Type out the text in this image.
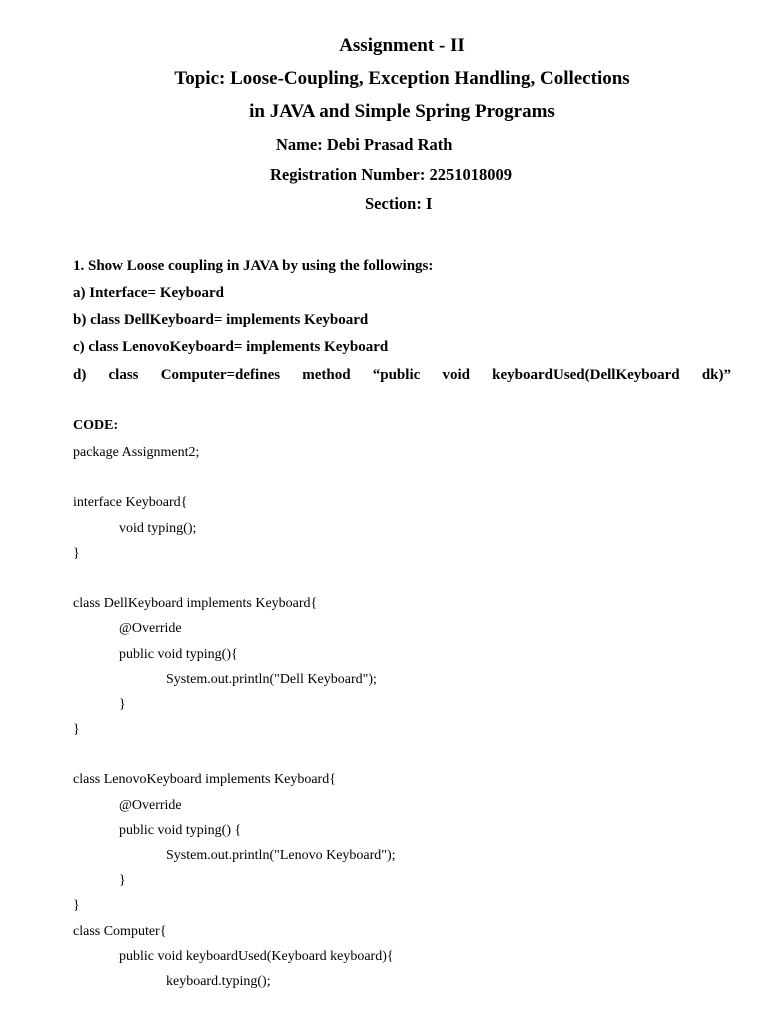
Assignment - II
Topic: Loose-Coupling, Exception Handling, Collections
in JAVA and Simple Spring Programs
Name: Debi Prasad Rath
Registration Number: 2251018009
Section: I
1. Show Loose coupling in JAVA by using the followings:
a) Interface= Keyboard
b) class DellKeyboard= implements Keyboard
c) class LenovoKeyboard= implements Keyboard
d) class Computer=defines method “public void keyboardUsed(DellKeyboard dk)”
CODE:
package Assignment2;
interface Keyboard{
void typing();
}
class DellKeyboard implements Keyboard{
@Override
public void typing(){
System.out.println("Dell Keyboard");
}
}
class LenovoKeyboard implements Keyboard{
@Override
public void typing() {
System.out.println("Lenovo Keyboard");
}
}
class Computer{
public void keyboardUsed(Keyboard keyboard){
keyboard.typing();
